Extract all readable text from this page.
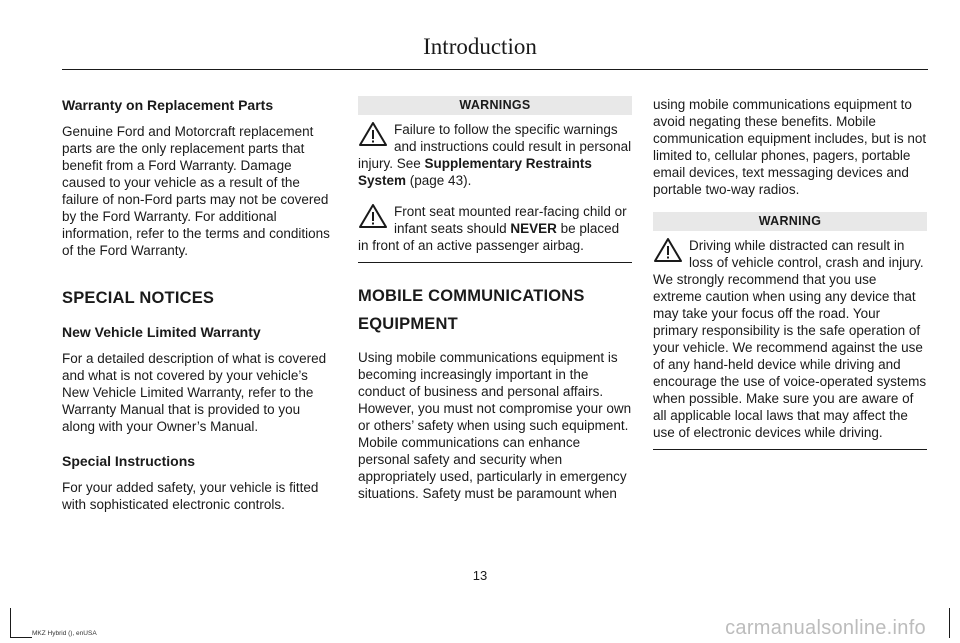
Introduction
Warranty on Replacement Parts

Genuine Ford and Motorcraft replacement parts are the only replacement parts that benefit from a Ford Warranty. Damage caused to your vehicle as a result of the failure of non-Ford parts may not be covered by the Ford Warranty. For additional information, refer to the terms and conditions of the Ford Warranty.

SPECIAL NOTICES
New Vehicle Limited Warranty

For a detailed description of what is covered and what is not covered by your vehicle’s New Vehicle Limited Warranty, refer to the Warranty Manual that is provided to you along with your Owner’s Manual.

Special Instructions

For your added safety, your vehicle is fitted with sophisticated electronic controls.

WARNINGS

Failure to follow the specific warnings and instructions could result in personal injury. See Supplementary Restraints System (page 43).

Front seat mounted rear-facing child or infant seats should NEVER be placed in front of an active passenger airbag.

MOBILE COMMUNICATIONS
EQUIPMENT

Using mobile communications equipment is becoming increasingly important in the conduct of business and personal affairs. However, you must not compromise your own or others’ safety when using such equipment. Mobile communications can enhance personal safety and security when appropriately used, particularly in emergency situations. Safety must be paramount when

using mobile communications equipment to avoid negating these benefits. Mobile communication equipment includes, but is not limited to, cellular phones, pagers, portable email devices, text messaging devices and portable two-way radios.

WARNING

Driving while distracted can result in loss of vehicle control, crash and injury. We strongly recommend that you use extreme caution when using any device that may take your focus off the road. Your primary responsibility is the safe operation of your vehicle. We recommend against the use of any hand-held device while driving and encourage the use of voice-operated systems when possible. Make sure you are aware of all applicable local laws that may affect the use of electronic devices while driving.

13
MKZ Hybrid (), enUSA	carmanualsonline.info
